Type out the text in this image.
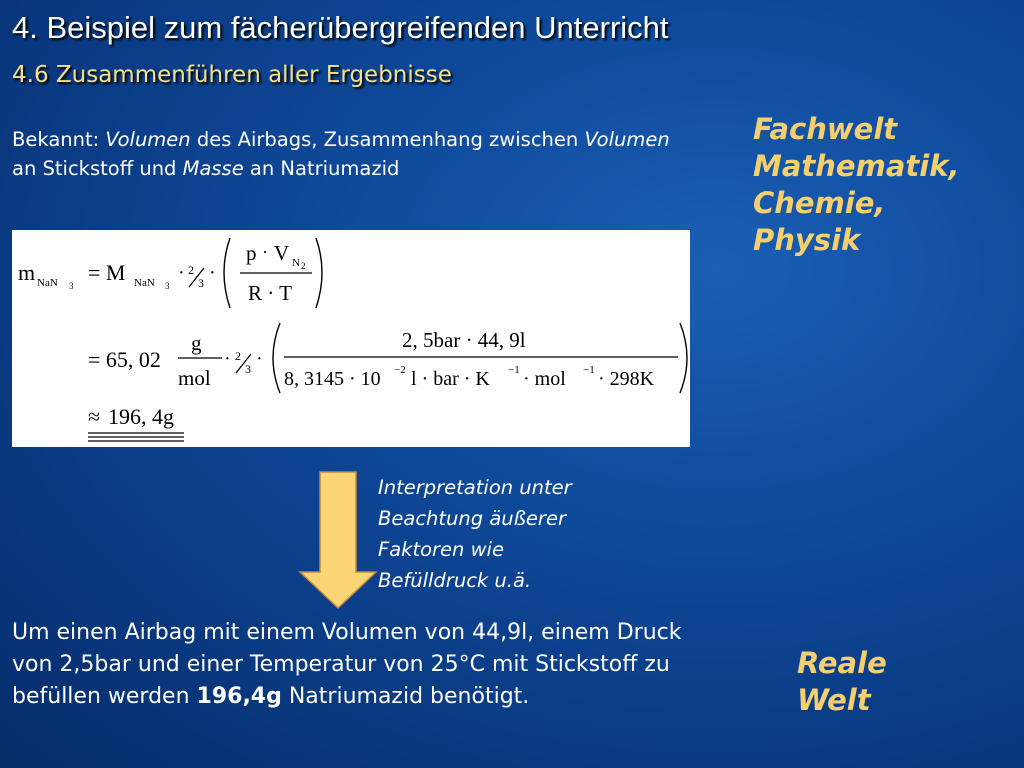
4. Beispiel zum fächerübergreifenden Unterricht
4.6 Zusammenführen aller Ergebnisse
Bekannt: Volumen des Airbags, Zusammenhang zwischen Volumen an Stickstoff und Masse an Natriumazid
Fachwelt
Mathematik,
Chemie,
Physik
m NaN 3
= M NaN 3
· 2
3 ·
p · V N 2
R · T
= 65, 02
g
mol
· 2
3 ·
2, 5bar · 44, 9l
8, 3145 · 10 −2 l · bar · K −1 · mol −1 · 298K
≈ 196, 4g
Interpretation unter
Beachtung äußerer
Faktoren wie
Befülldruck u.ä.
Um einen Airbag mit einem Volumen von 44,9l, einem Druck von 2,5bar und einer Temperatur von 25°C mit Stickstoff zu befüllen werden 196,4g Natriumazid benötigt.
Reale
Welt
